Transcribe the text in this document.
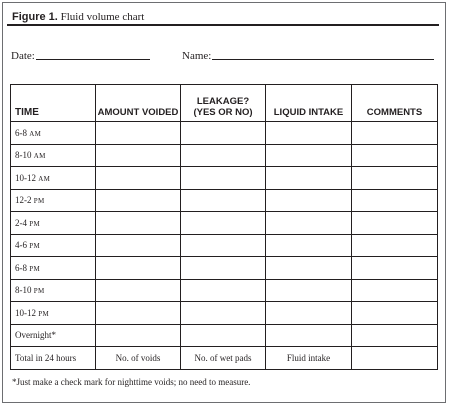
Figure 1. Fluid volume chart
Date:	Name:
TIME	AMOUNT VOIDED	LEAKAGE? (YES OR NO)	LIQUID INTAKE	COMMENTS
6-8 AM				
8-10 AM				
10-12 AM				
12-2 PM				
2-4 PM				
4-6 PM				
6-8 PM				
8-10 PM				
10-12 PM				
Overnight*				
Total in 24 hours	No. of voids	No. of wet pads	Fluid intake	
*Just make a check mark for nighttime voids; no need to measure.
